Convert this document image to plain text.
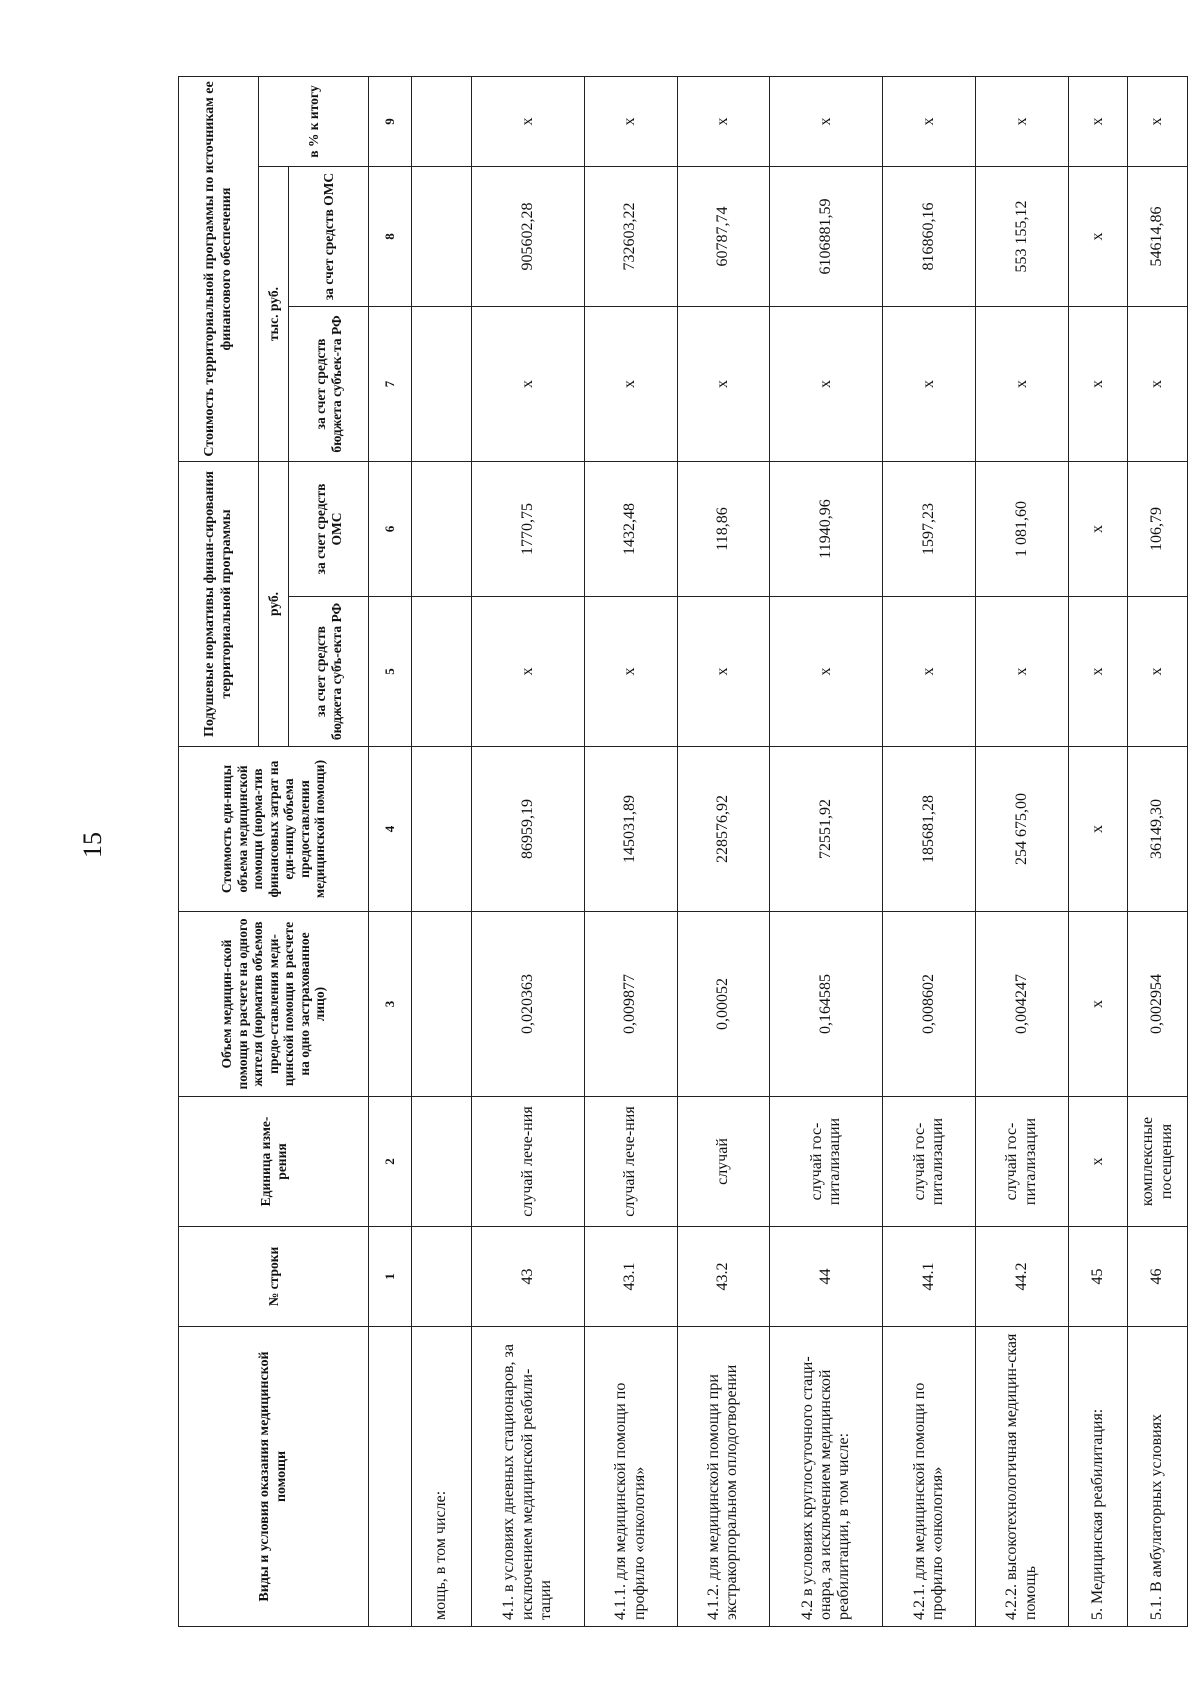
15
Виды и условия оказания медицинской помощи	№ строки	Единица изме-рения	Объем медицин-ской помощи в расчете на одного жителя (норматив объемов предо-ставления меди-цинской помощи в расчете на одно застрахованное лицо)	Стоимость еди-ницы объема медицинской помощи (норма-тив финансовых затрат на еди-ницу объема предоставления медицинской помощи)	Подушевые нормативы финан-сирования территориальной программы		Стоимость территориальной программы по источникам ее финансового обеспечения		
					руб.		тыс. руб.		в % к итогу
					за счет средств бюджета субъ-екта РФ	за счет средств ОМС	за счет средств бюджета субъек-та РФ	за счет средств ОМС	
	1	2	3	4	5	6	7	8	9
мощь, в том числе:									
4.1. в условиях дневных стационаров, за исключением медицинской реабили-тации	43	случай лече-ния	0,020363	86959,19	х	1770,75	х	905602,28	х
4.1.1. для медицинской помощи по профилю «онкология»	43.1	случай лече-ния	0,009877	145031,89	х	1432,48	х	732603,22	х
4.1.2. для медицинской помощи при экстракорпоральном оплодотворении	43.2	случай	0,00052	228576,92	х	118,86	х	60787,74	х
4.2 в условиях круглосуточного стаци-онара, за исключением медицинской реабилитации, в том числе:	44	случай гос-питализации	0,164585	72551,92	х	11940,96	х	6106881,59	х
4.2.1. для медицинской помощи по профилю «онкология»	44.1	случай гос-питализации	0,008602	185681,28	х	1597,23	х	816860,16	х
4.2.2. высокотехнологичная медицин-ская помощь	44.2	случай гос-питализации	0,004247	254 675,00	х	1 081,60	х	553 155,12	х
5. Медицинская реабилитация:	45	х	х	х	х	х	х	х	х
5.1. В амбулаторных условиях	46	комплексные посещения	0,002954	36149,30	х	106,79	х	54614,86	х
